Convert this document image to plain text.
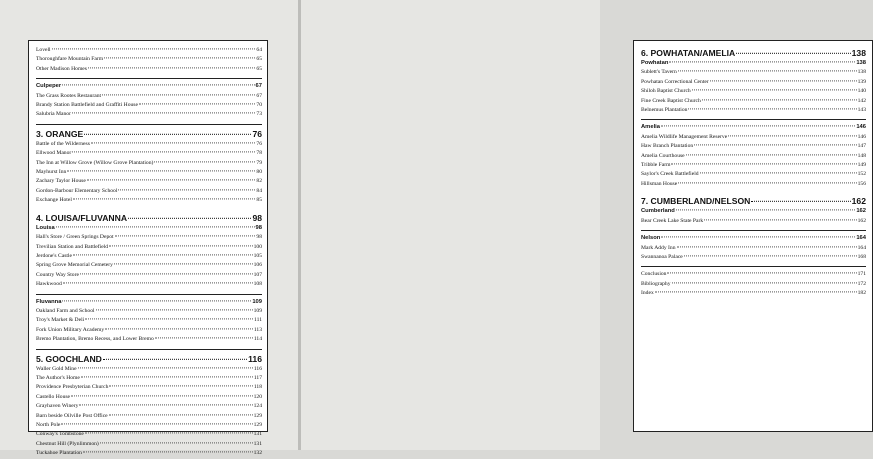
Lovell	64
Thoroughfare Mountain Farm	65
Other Madison Homes	65
Culpeper	67
The Grass Rootes Restaurant	67
Brandy Station Battlefield and Graffiti House	70
Salubria Manor	73
3. ORANGE	76
Battle of the Wilderness	76
Ellwood Manor	78
The Inn at Willow Grove (Willow Grove Plantation)	79
Mayhurst Inn	80
Zachary Taylor House	82
Gordon-Barbour Elementary School	84
Exchange Hotel	85
4. LOUISA/FLUVANNA	98
Louisa	98
Hall's Store / Green Springs Depot	98
Trevilian Station and Battlefield	100
Jerdone's Castle	105
Spring Grove Memorial Cemetery	106
Country Way Store	107
Hawkwood	108
Fluvanna	109
Oakland Farm and School	109
Troy's Market & Deli	111
Fork Union Military Academy	113
Bremo Plantation, Bremo Recess, and Lower Bremo	114
5. GOOCHLAND	116
Waller Gold Mine	116
The Author's Home	117
Providence Presbyterian Church	118
Castello House	120
Grayhaven Winery	124
Barn beside Oilville Post Office	129
North Pole	129
Conway's Tombstone	131
Chestnut Hill (Plynlimmon)	131
Tuckahoe Plantation	132
6. POWHATAN/AMELIA	138
Powhatan	138
Sublett's Tavern	138
Powhatan Correctional Center	139
Shiloh Baptist Church	140
Fine Creek Baptist Church	142
Belnemus Plantation	143
Amelia	146
Amelia Wildlife Management Reserve	146
Haw Branch Plantation	147
Amelia Courthouse	148
Tribble Farm	149
Saylor's Creek Battlefield	152
Hillsman House	156
7. CUMBERLAND/NELSON	162
Cumberland	162
Bear Creek Lake State Park	162
Nelson	164
Mark Addy Inn	164
Swannanoa Palace	168
Conclusion	171
Bibliography	172
Index	182
